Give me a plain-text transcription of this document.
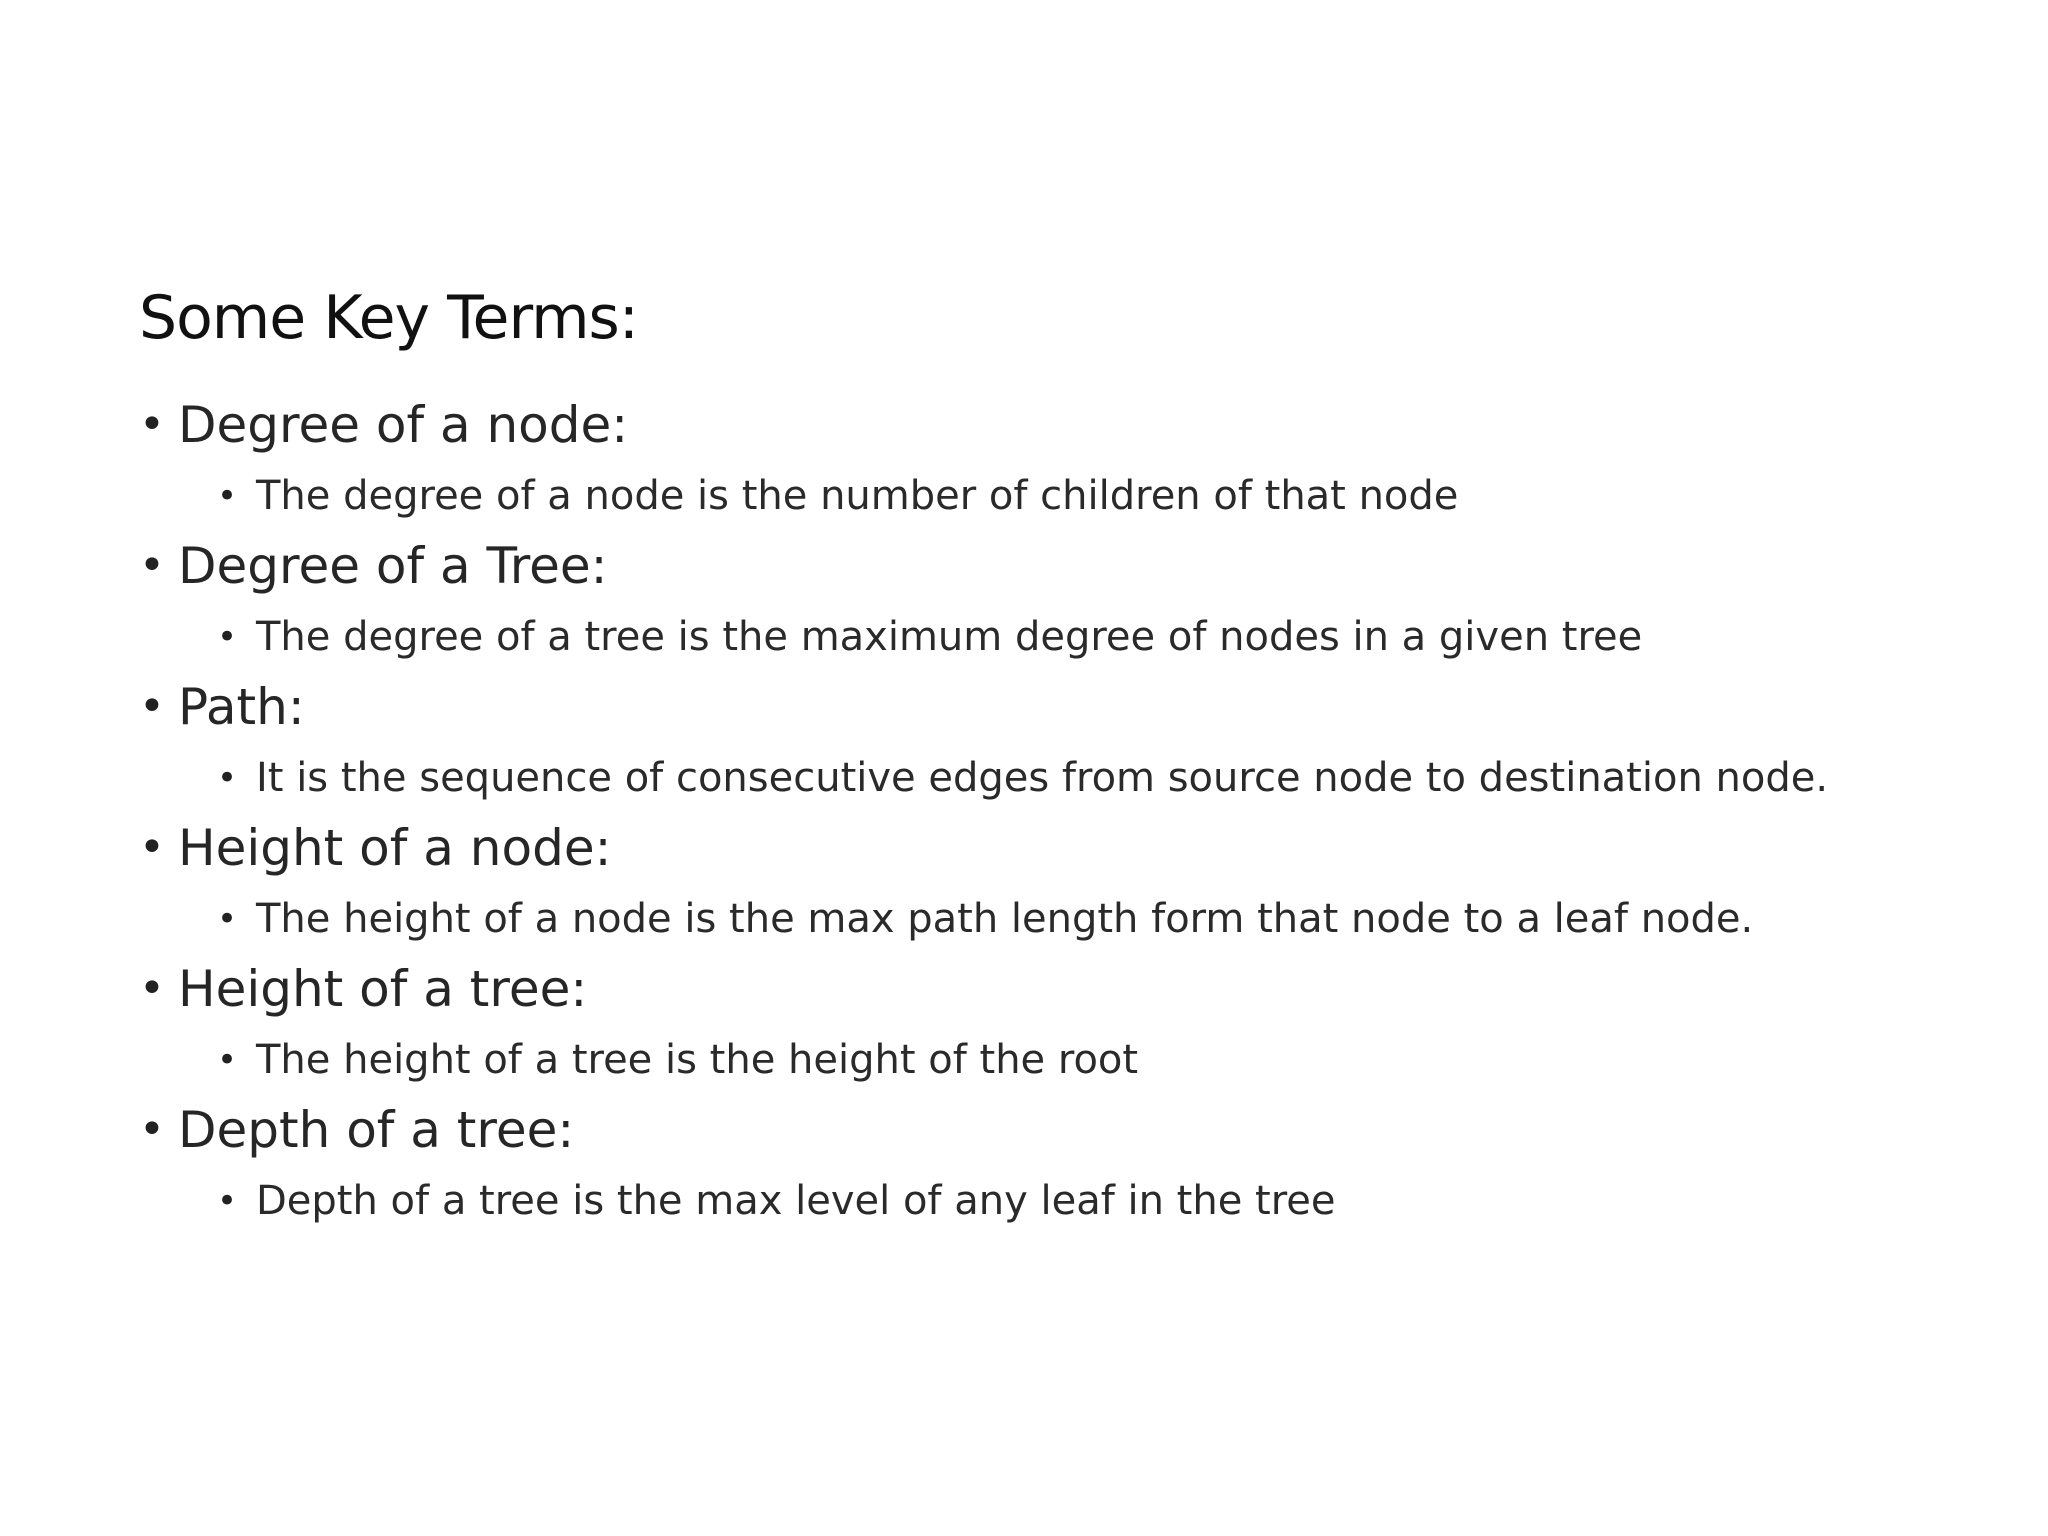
Some Key Terms:
• Degree of a node:
• The degree of a node is the number of children of that node
• Degree of a Tree:
• The degree of a tree is the maximum degree of nodes in a given tree
• Path:
• It is the sequence of consecutive edges from source node to destination node.
• Height of a node:
• The height of a node is the max path length form that node to a leaf node.
• Height of a tree:
• The height of a tree is the height of the root
• Depth of a tree:
• Depth of a tree is the max level of any leaf in the tree
